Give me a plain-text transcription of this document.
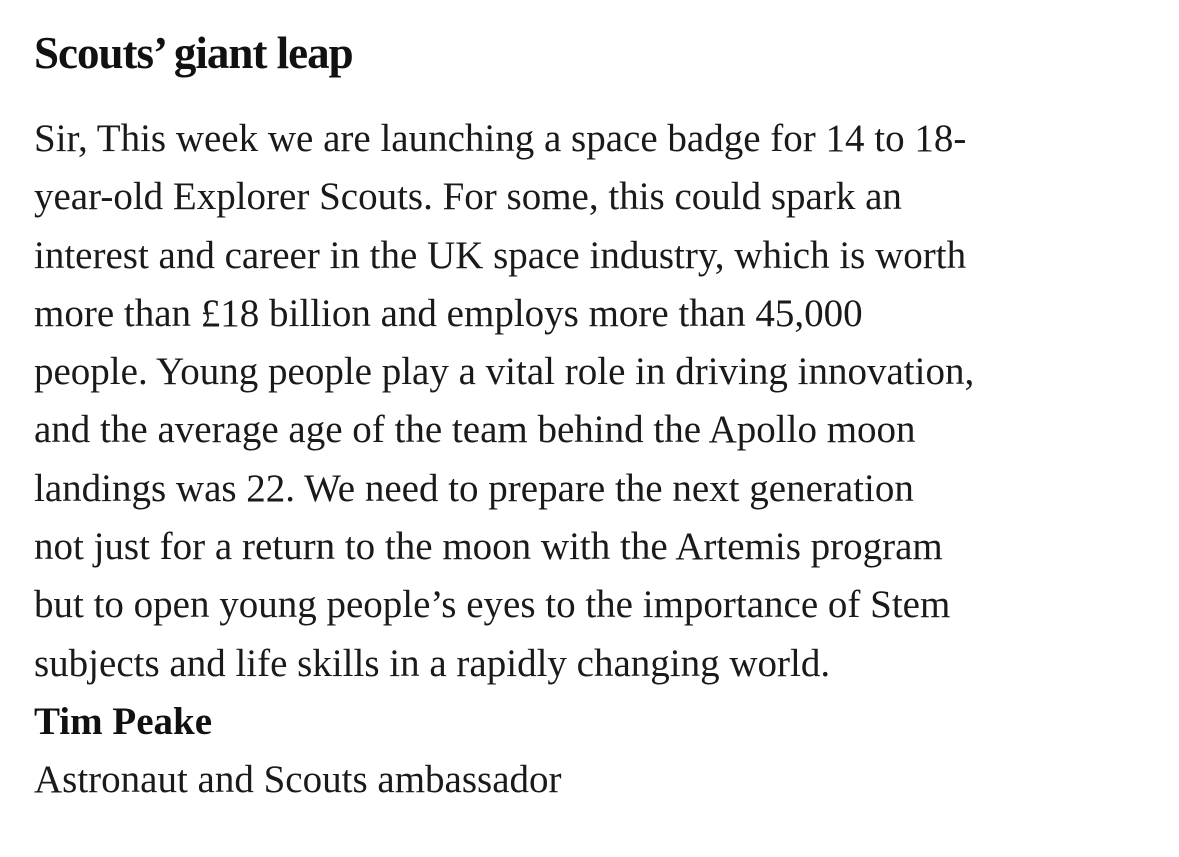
Scouts’ giant leap

Sir, This week we are launching a space badge for 14 to 18-
year-old Explorer Scouts. For some, this could spark an
interest and career in the UK space industry, which is worth
more than £18 billion and employs more than 45,000
people. Young people play a vital role in driving innovation,
and the average age of the team behind the Apollo moon
landings was 22. We need to prepare the next generation
not just for a return to the moon with the Artemis program
but to open young people’s eyes to the importance of Stem
subjects and life skills in a rapidly changing world.

Tim Peake

Astronaut and Scouts ambassador
